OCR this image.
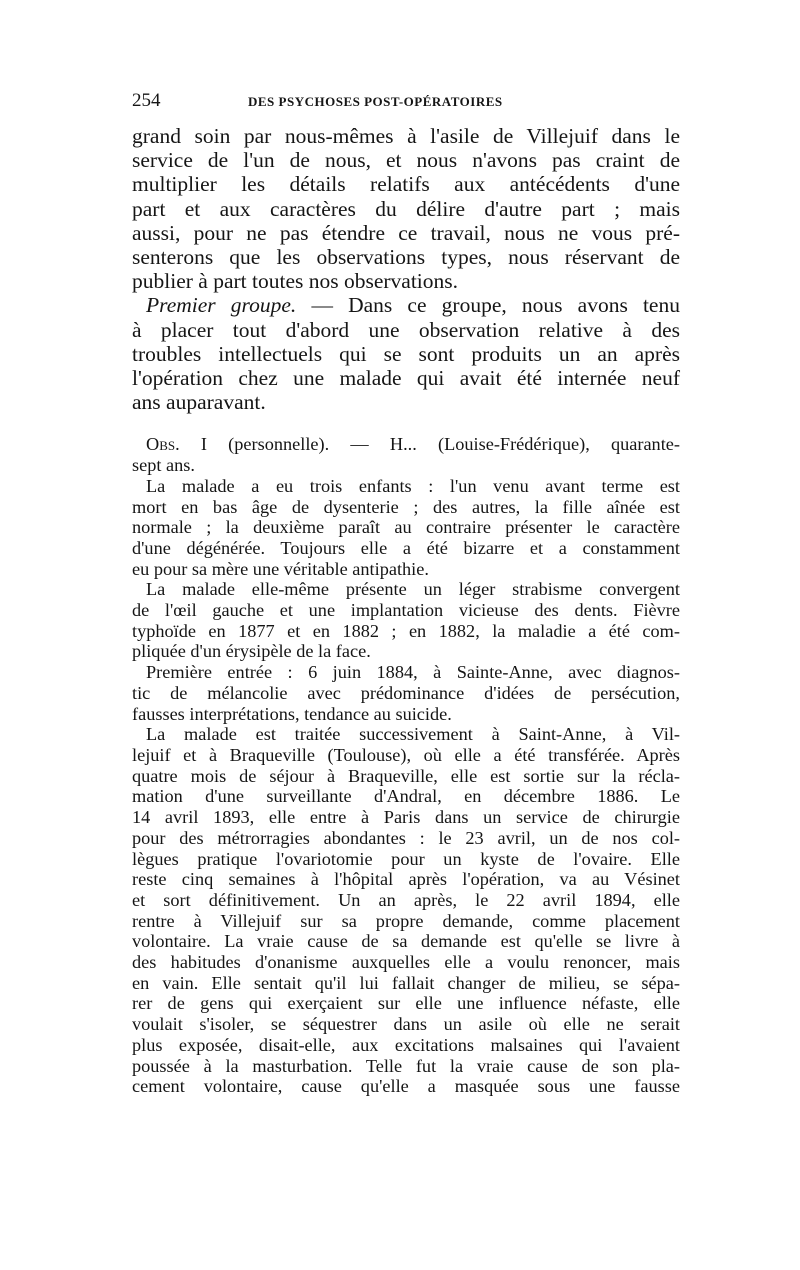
254	DES PSYCHOSES POST-OPÉRATOIRES

grand soin par nous-mêmes à l'asile de Villejuif dans le

service de l'un de nous, et nous n'avons pas craint de

multiplier les détails relatifs aux antécédents d'une

part et aux caractères du délire d'autre part ; mais

aussi, pour ne pas étendre ce travail, nous ne vous pré-

senterons que les observations types, nous réservant de

publier à part toutes nos observations.

Premier groupe. — Dans ce groupe, nous avons tenu

à placer tout d'abord une observation relative à des

troubles intellectuels qui se sont produits un an après

l'opération chez une malade qui avait été internée neuf

ans auparavant.

Obs. I (personnelle). — H... (Louise-Frédérique), quarante-

sept ans.

La malade a eu trois enfants : l'un venu avant terme est

mort en bas âge de dysenterie ; des autres, la fille aînée est

normale ; la deuxième paraît au contraire présenter le caractère

d'une dégénérée. Toujours elle a été bizarre et a constamment

eu pour sa mère une véritable antipathie.

La malade elle-même présente un léger strabisme convergent

de l'œil gauche et une implantation vicieuse des dents. Fièvre

typhoïde en 1877 et en 1882 ; en 1882, la maladie a été com-

pliquée d'un érysipèle de la face.

Première entrée : 6 juin 1884, à Sainte-Anne, avec diagnos-

tic de mélancolie avec prédominance d'idées de persécution,

fausses interprétations, tendance au suicide.

La malade est traitée successivement à Saint-Anne, à Vil-

lejuif et à Braqueville (Toulouse), où elle a été transférée. Après

quatre mois de séjour à Braqueville, elle est sortie sur la récla-

mation d'une surveillante d'Andral, en décembre 1886. Le

14 avril 1893, elle entre à Paris dans un service de chirurgie

pour des métrorragies abondantes : le 23 avril, un de nos col-

lègues pratique l'ovariotomie pour un kyste de l'ovaire. Elle

reste cinq semaines à l'hôpital après l'opération, va au Vésinet

et sort définitivement. Un an après, le 22 avril 1894, elle

rentre à Villejuif sur sa propre demande, comme placement

volontaire. La vraie cause de sa demande est qu'elle se livre à

des habitudes d'onanisme auxquelles elle a voulu renoncer, mais

en vain. Elle sentait qu'il lui fallait changer de milieu, se sépa-

rer de gens qui exerçaient sur elle une influence néfaste, elle

voulait s'isoler, se séquestrer dans un asile où elle ne serait

plus exposée, disait-elle, aux excitations malsaines qui l'avaient

poussée à la masturbation. Telle fut la vraie cause de son pla-

cement volontaire, cause qu'elle a masquée sous une fausse
